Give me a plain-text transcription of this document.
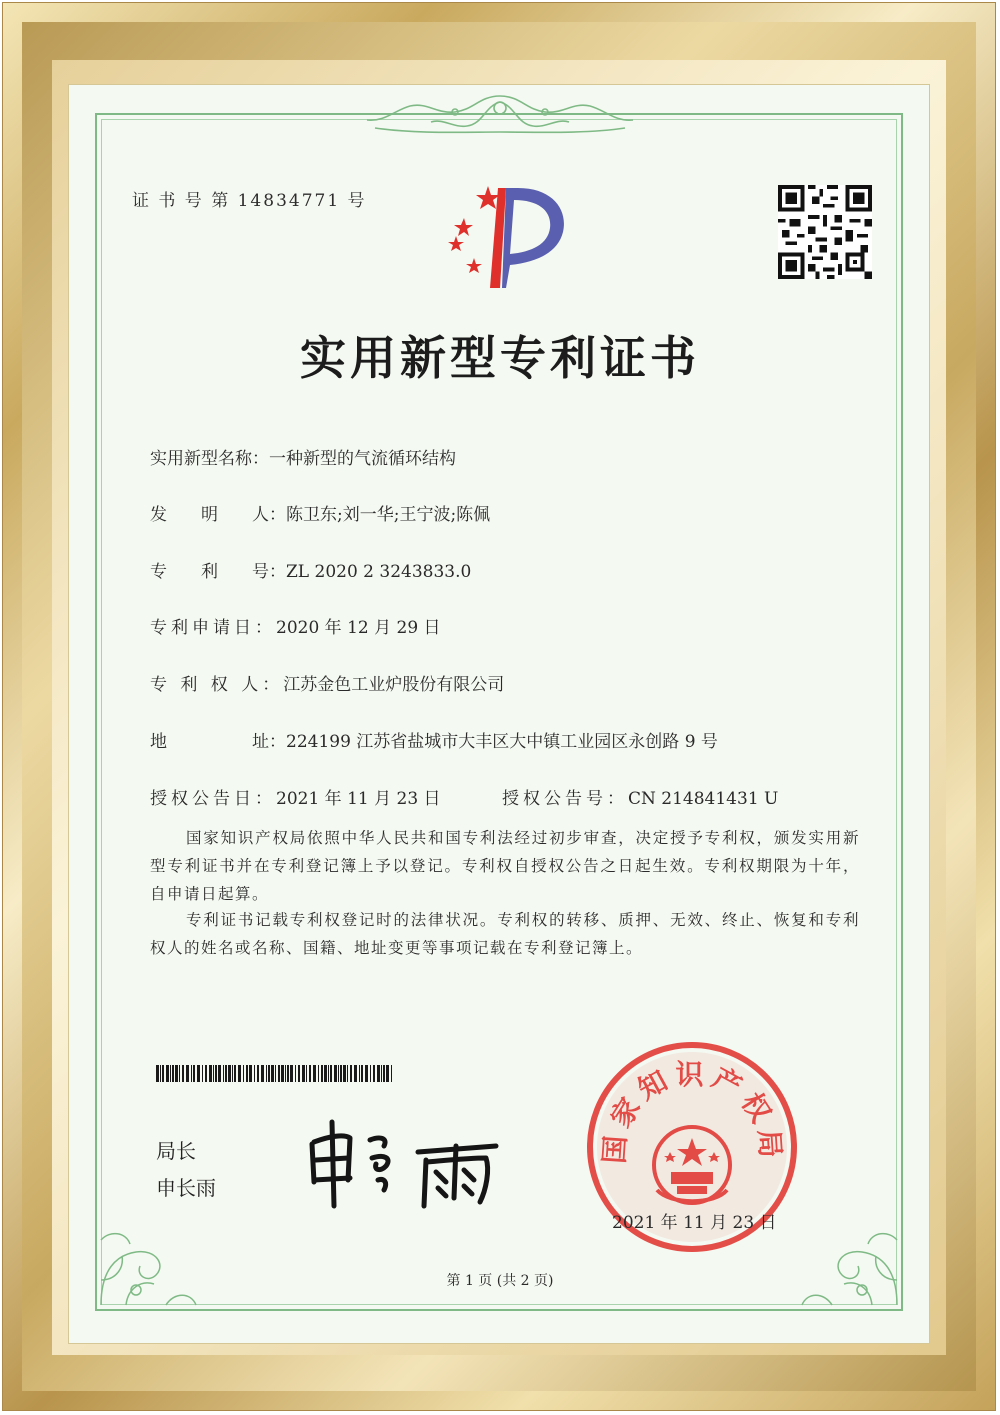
证 书 号 第 14834771 号
实用新型专利证书
实用新型名称：一种新型的气流循环结构
发　　明　　人：陈卫东;刘一华;王宁波;陈佩
专　　利　　号：ZL 2020 2 3243833.0
专利申请日：2020 年 12 月 29 日
专 利 权 人：江苏金色工业炉股份有限公司
地　　　　　址：224199 江苏省盐城市大丰区大中镇工业园区永创路 9 号
授权公告日：2021 年 11 月 23 日	授权公告号：CN 214841431 U
国家知识产权局依照中华人民共和国专利法经过初步审查，决定授予专利权，颁发实用新型专利证书并在专利登记簿上予以登记。专利权自授权公告之日起生效。专利权期限为十年，自申请日起算。
专利证书记载专利权登记时的法律状况。专利权的转移、质押、无效、终止、恢复和专利权人的姓名或名称、国籍、地址变更等事项记载在专利登记簿上。
局长
申长雨
国家知识产权局
2021 年 11 月 23 日
第 1 页 (共 2 页)
